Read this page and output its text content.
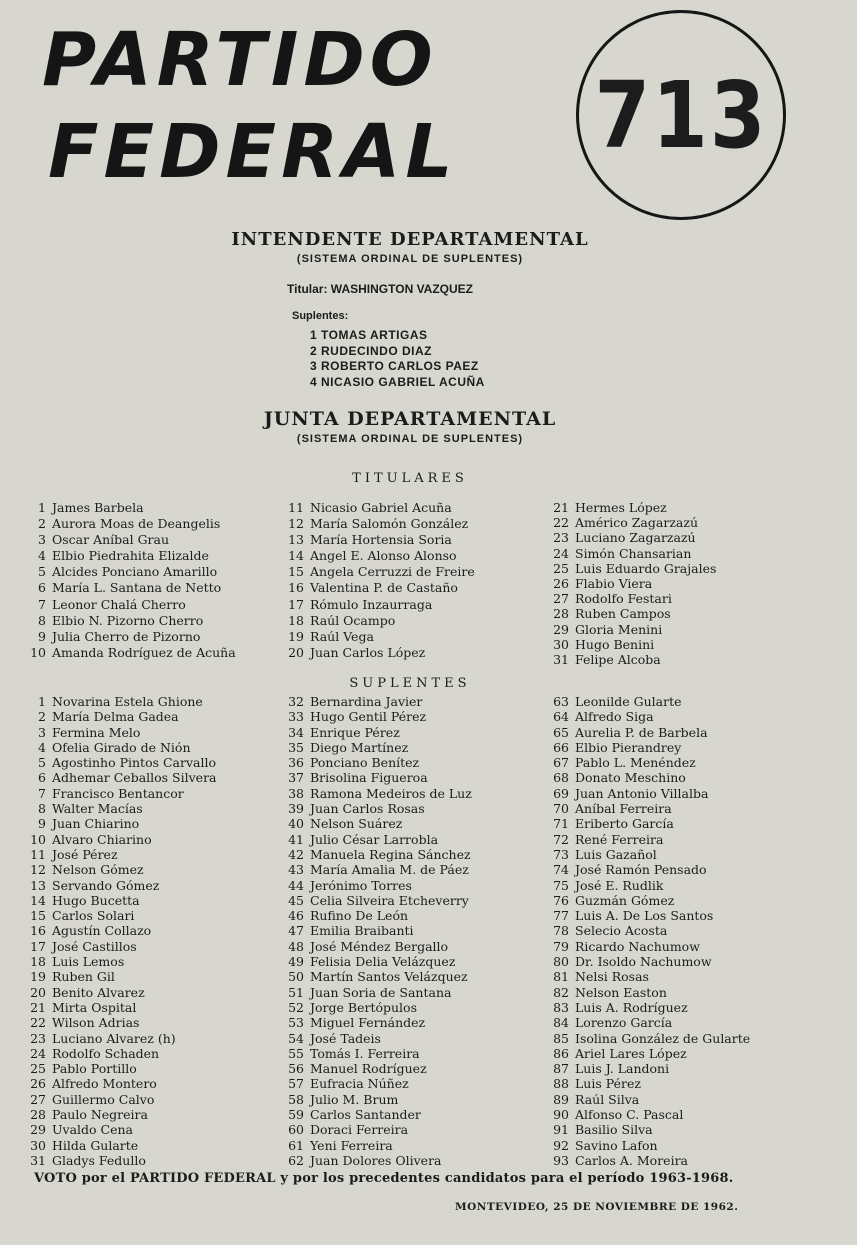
PARTIDO
FEDERAL 713
INTENDENTE DEPARTAMENTAL
(SISTEMA ORDINAL DE SUPLENTES)
Titular: WASHINGTON VAZQUEZ
Suplentes:
1 TOMAS ARTIGAS
2 RUDECINDO DIAZ
3 ROBERTO CARLOS PAEZ
4 NICASIO GABRIEL ACUÑA
JUNTA DEPARTAMENTAL
(SISTEMA ORDINAL DE SUPLENTES)
TITULARES
1 James Barbela
2 Aurora Moas de Deangelis
3 Oscar Aníbal Grau
4 Elbio Piedrahita Elizalde
5 Alcides Ponciano Amarillo
6 María L. Santana de Netto
7 Leonor Chalá Cherro
8 Elbio N. Pizorno Cherro
9 Julia Cherro de Pizorno
10 Amanda Rodríguez de Acuña
11 Nicasio Gabriel Acuña
12 María Salomón González
13 María Hortensia Soria
14 Angel E. Alonso Alonso
15 Angela Cerruzzi de Freire
16 Valentina P. de Castaño
17 Rómulo Inzaurraga
18 Raúl Ocampo
19 Raúl Vega
20 Juan Carlos López
21 Hermes López
22 Américo Zagarzazú
23 Luciano Zagarzazú
24 Simón Chansarian
25 Luis Eduardo Grajales
26 Flabio Viera
27 Rodolfo Festari
28 Ruben Campos
29 Gloria Menini
30 Hugo Benini
31 Felipe Alcoba
SUPLENTES
1 Novarina Estela Ghione
2 María Delma Gadea
3 Fermina Melo
4 Ofelia Girado de Nión
5 Agostinho Pintos Carvallo
6 Adhemar Ceballos Silvera
7 Francisco Bentancor
8 Walter Macías
9 Juan Chiarino
10 Alvaro Chiarino
11 José Pérez
12 Nelson Gómez
13 Servando Gómez
14 Hugo Bucetta
15 Carlos Solari
16 Agustín Collazo
17 José Castillos
18 Luis Lemos
19 Ruben Gil
20 Benito Alvarez
21 Mirta Ospital
22 Wilson Adrias
23 Luciano Alvarez (h)
24 Rodolfo Schaden
25 Pablo Portillo
26 Alfredo Montero
27 Guillermo Calvo
28 Paulo Negreira
29 Uvaldo Cena
30 Hilda Gularte
31 Gladys Fedullo
32 Bernardina Javier
33 Hugo Gentil Pérez
34 Enrique Pérez
35 Diego Martínez
36 Ponciano Benítez
37 Brisolina Figueroa
38 Ramona Medeiros de Luz
39 Juan Carlos Rosas
40 Nelson Suárez
41 Julio César Larrobla
42 Manuela Regina Sánchez
43 María Amalia M. de Páez
44 Jerónimo Torres
45 Celia Silveira Etcheverry
46 Rufino De León
47 Emilia Braibanti
48 José Méndez Bergallo
49 Felisia Delia Velázquez
50 Martín Santos Velázquez
51 Juan Soria de Santana
52 Jorge Bertópulos
53 Miguel Fernández
54 José Tadeis
55 Tomás I. Ferreira
56 Manuel Rodríguez
57 Eufracia Núñez
58 Julio M. Brum
59 Carlos Santander
60 Doraci Ferreira
61 Yeni Ferreira
62 Juan Dolores Olivera
63 Leonilde Gularte
64 Alfredo Siga
65 Aurelia P. de Barbela
66 Elbio Pierandrey
67 Pablo L. Menéndez
68 Donato Meschino
69 Juan Antonio Villalba
70 Aníbal Ferreira
71 Eriberto García
72 René Ferreira
73 Luis Gazañol
74 José Ramón Pensado
75 José E. Rudlik
76 Guzmán Gómez
77 Luis A. De Los Santos
78 Selecio Acosta
79 Ricardo Nachumow
80 Dr. Isoldo Nachumow
81 Nelsi Rosas
82 Nelson Easton
83 Luis A. Rodríguez
84 Lorenzo García
85 Isolina González de Gularte
86 Ariel Lares López
87 Luis J. Landoni
88 Luis Pérez
89 Raúl Silva
90 Alfonso C. Pascal
91 Basilio Silva
92 Savino Lafon
93 Carlos A. Moreira
VOTO por el PARTIDO FEDERAL y por los precedentes candidatos para el período 1963-1968.
MONTEVIDEO, 25 DE NOVIEMBRE DE 1962.
